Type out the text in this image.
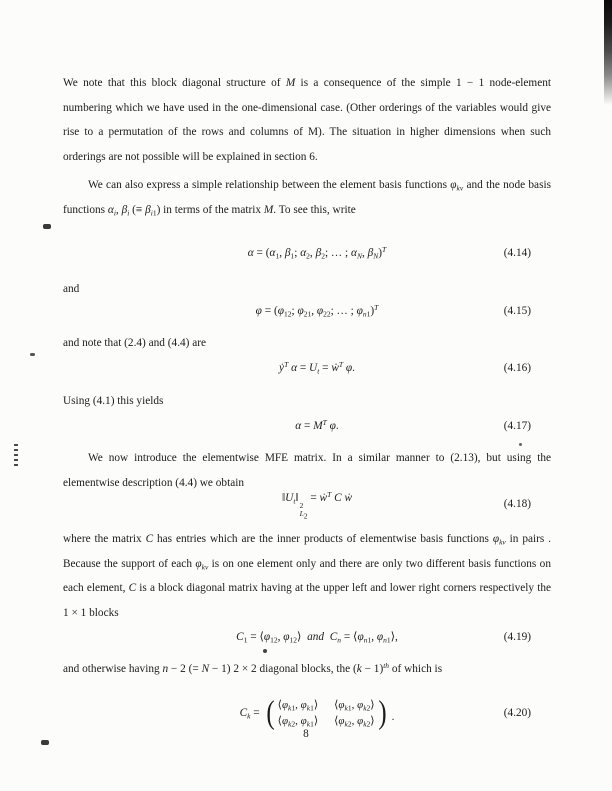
We note that this block diagonal structure of M is a consequence of the simple 1 − 1 node-element numbering which we have used in the one-dimensional case. (Other orderings of the variables would give rise to a permutation of the rows and columns of M). The situation in higher dimensions when such orderings are not possible will be explained in section 6.

We can also express a simple relationship between the element basis functions $\varphi_{k\nu}$ and the node basis functions $\alpha_i$, $\beta_i$ (≡ $\beta_{i1}$) in terms of the matrix M. To see this, write

$\alpha = (\alpha_1$, $\beta_1$; $\alpha_2$, $\beta_2$; … ; $\alpha_N$, $\beta_N)^T$	(4.14)

and

$\varphi = (\varphi_{12}$; $\varphi_{21}$, $\varphi_{22}$; … ; $\varphi_{n1})^T$	(4.15)

and note that (2.4) and (4.4) are

ẏ$^T$ $\alpha = U_t$ = ẇ$^T$ φ.	(4.16)

Using (4.1) this yields

$\alpha = M^T$ φ.	(4.17)

We now introduce the elementwise MFE matrix. In a similar manner to (2.13), but using the elementwise description (4.4) we obtain

$‖U_t‖$
2
$L_2$
= ẇ$^T$ C ẇ	(4.18)

where the matrix C has entries which are the inner products of elementwise basis functions $\varphi_{k\nu}$ in pairs . Because the support of each $\varphi_{k\nu}$ is on one element only and there are only two different basis functions on each element, C is a block diagonal matrix having at the upper left and lower right corners respectively the 1 × 1 blocks

$C_1$ = $⟨\varphi_{12}$, $\varphi_{12}⟩$  and $C_n$ = $⟨\varphi_{n1}$, $\varphi_{n1}⟩$,	(4.19)

and otherwise having n − 2 (= N − 1) 2 × 2 diagonal blocks, the $(k - 1)^{th}$ of which is

$C_k$ = ( $⟨\varphi_{k1}$, $\varphi_{k1}⟩$ $⟨\varphi_{k1}$, $\varphi_{k2}⟩$
$⟨\varphi_{k2}$, $\varphi_{k1}⟩$ $⟨\varphi_{k2}$, $\varphi_{k2}⟩$ ) .	(4.20)

8
